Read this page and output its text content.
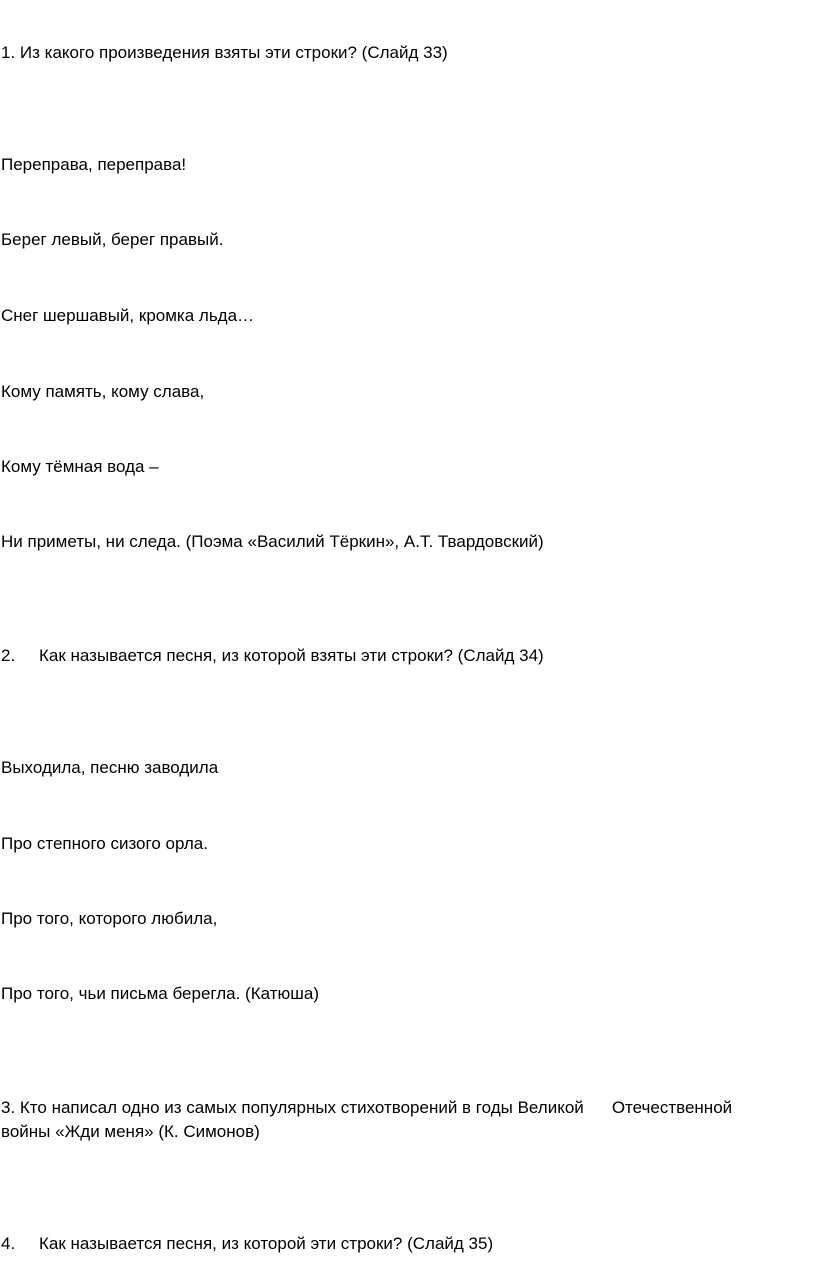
1. Из какого произведения взяты эти строки? (Слайд 33)
Переправа, переправа!
Берег левый, берег правый.
Снег шершавый, кромка льда…
Кому память, кому слава,
Кому тёмная вода –
Ни приметы, ни следа. (Поэма «Василий Тёркин», А.Т. Твардовский)
2. Как называется песня, из которой взяты эти строки? (Слайд 34)
Выходила, песню заводила
Про степного сизого орла.
Про того, которого любила,
Про того, чьи письма берегла. (Катюша)
3. Кто написал одно из самых популярных стихотворений в годы Великой Отечественной
войны «Жди меня» (К. Симонов)
4. Как называется песня, из которой эти строки? (Слайд 35)
